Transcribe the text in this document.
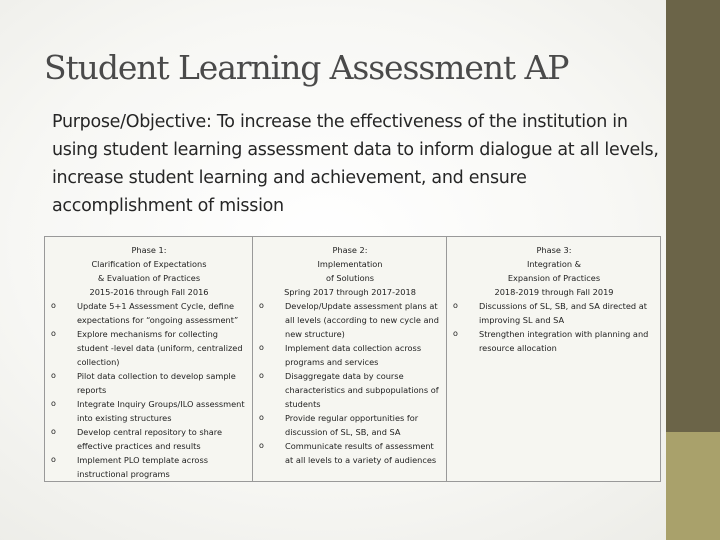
Student Learning Assessment AP

Purpose/Objective: To increase the effectiveness of the institution in using student learning assessment data to inform dialogue at all levels, increase student learning and achievement, and ensure accomplishment of mission

Phase 1:
Clarification of Expectations
& Evaluation of Practices
2015-2016 through Fall 2016
o	Update 5+1 Assessment Cycle, define expectations for “ongoing assessment”
o	Explore mechanisms for collecting student -level data (uniform, centralized collection)
o	Pilot data collection to develop sample reports
o	Integrate Inquiry Groups/ILO assessment into existing structures
o	Develop central repository to share effective practices and results
o	Implement PLO template across instructional programs

Phase 2:
Implementation
of Solutions
Spring 2017 through 2017-2018
o	Develop/Update assessment plans at all levels (according to new cycle and new structure)
o	Implement data collection across programs and services
o	Disaggregate data by course characteristics and subpopulations of students
o	Provide regular opportunities for discussion of SL, SB, and SA
o	Communicate results of assessment at all levels to a variety of audiences

Phase 3:
Integration &
Expansion of Practices
2018-2019 through Fall 2019
o	Discussions of SL, SB, and SA directed at improving SL and SA
o	Strengthen integration with planning and resource allocation
